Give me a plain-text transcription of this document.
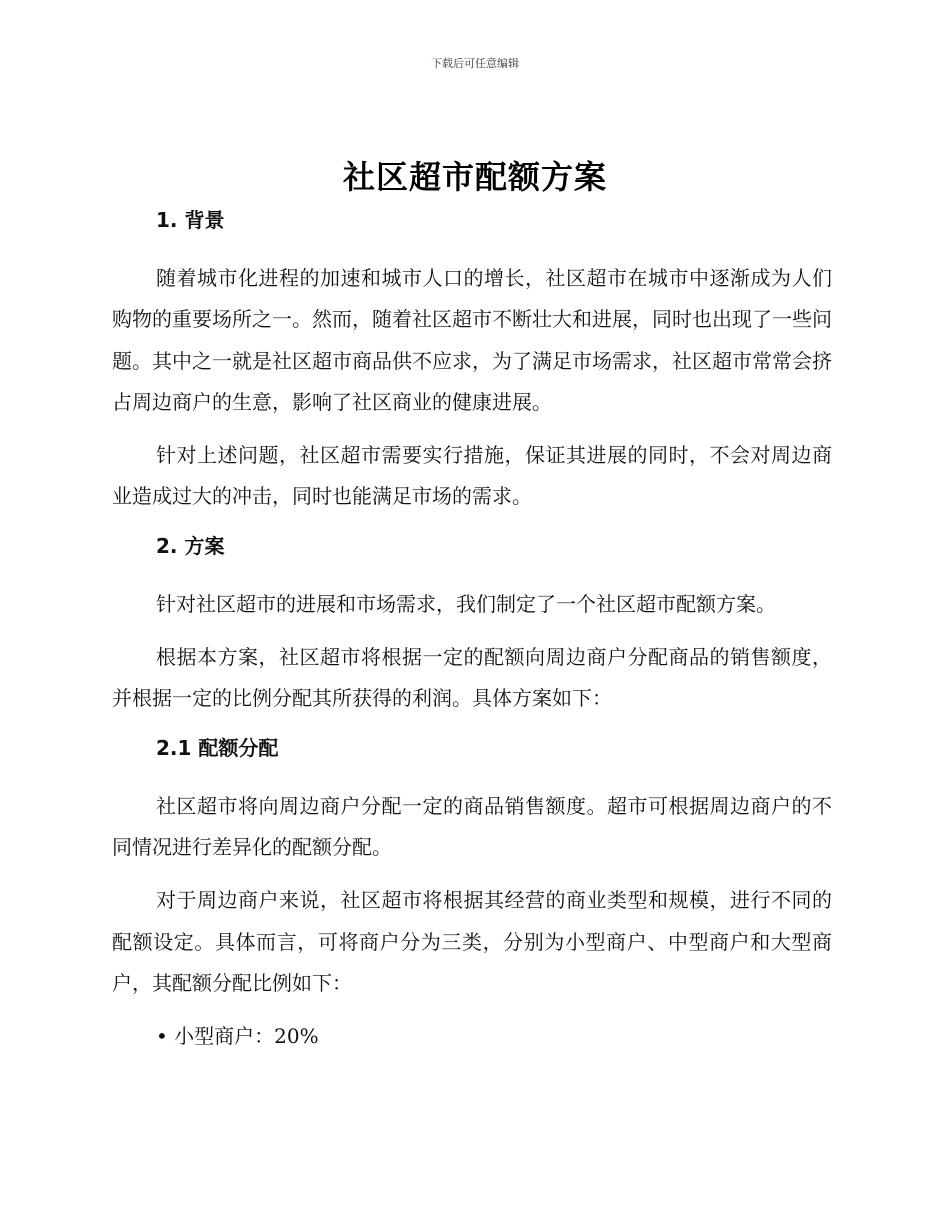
下载后可任意编辑
社区超市配额方案
1. 背景

随着城市化进程的加速和城市人口的增长，社区超市在城市中逐渐成为人们购物的重要场所之一。然而，随着社区超市不断壮大和进展，同时也出现了一些问题。其中之一就是社区超市商品供不应求，为了满足市场需求，社区超市常常会挤占周边商户的生意，影响了社区商业的健康进展。

针对上述问题，社区超市需要实行措施，保证其进展的同时，不会对周边商业造成过大的冲击，同时也能满足市场的需求。

2. 方案

针对社区超市的进展和市场需求，我们制定了一个社区超市配额方案。

根据本方案，社区超市将根据一定的配额向周边商户分配商品的销售额度，并根据一定的比例分配其所获得的利润。具体方案如下：

2.1 配额分配

社区超市将向周边商户分配一定的商品销售额度。超市可根据周边商户的不同情况进行差异化的配额分配。

对于周边商户来说，社区超市将根据其经营的商业类型和规模，进行不同的配额设定。具体而言，可将商户分为三类，分别为小型商户、中型商户和大型商户，其配额分配比例如下：

• 小型商户：20%
